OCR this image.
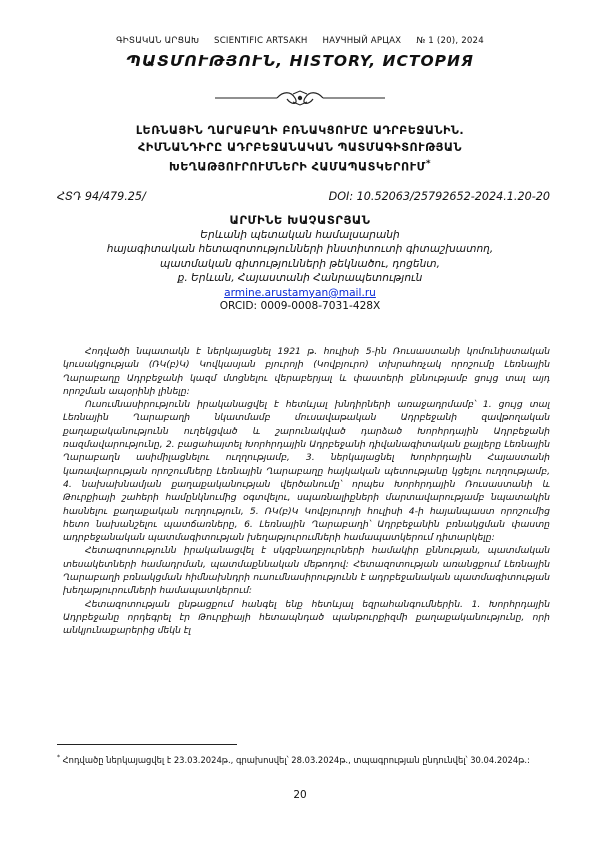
ԳԻՏԱԿԱՆ ԱՐՑԱԽ SCIENTIFIC ARTSAKH НАУЧНЫЙ АРЦАХ № 1 (20), 2024
ՊԱՏՄՈՒԹՅՈՒՆ, HISTORY, ИСТОРИЯ
ԼԵՌՆԱՅԻՆ ՂԱՐԱԲԱՂԻ ԲՌՆԱԿՑՈՒՄԸ ԱԴՐԲԵՋԱՆԻՆ.
ՀԻՄՆԱՆԴԻՐԸ ԱԴՐԲԵՋԱՆԱԿԱՆ ՊԱՏՄԱԳԻՏՈՒԹՅԱՆ
ԽԵՂԱԹՅՈՒՐՈՒՄՆԵՐԻ ՀԱՄԱՊԱՏԿԵՐՈՒՄ*
ՀՏԴ 94/479.25/	DOI: 10.52063/25792652-2024.1.20-20
ԱՐՄԻՆԵ ԽԱՉԱՏՐՅԱՆ
Երևանի պետական համալսարանի
հայագիտական հետազոտությունների ինստիտուտի գիտաշխատող,
պատմական գիտությունների թեկնածու, դոցենտ,
ք. Երևան, Հայաստանի Հանրապետություն
armine.arustamyan@mail.ru
ORCID: 0009-0008-7031-428X

Հոդվածի նպատակն է ներկայացնել 1921 թ. հուլիսի 5-ին Ռուսաստանի կոմունիստական կուսակցության (ՌԿ(բ)Կ) Կովկասյան բյուրոյի (Կովբյուրո) տխրահռչակ որոշումը Լեռնային Ղարաբաղը Ադրբեջանի կազմ մտցնելու վերաբերյալ և փաստերի քննությամբ ցույց տալ այդ որոշման ապօրինի լինելը:

Ուսումնասիրությունն իրականացվել է հետևյալ խնդիրների առաջադրմամբ՝ 1. ցույց տալ Լեռնային Ղարաբաղի նկատմամբ մուսավաթական Ադրբեջանի զավթողական քաղաքականությունն ուղեկցված և շարունակված դարձած Խորհրդային Ադրբեջանի ռազմավարությունը, 2. բացահայտել Խորհրդային Ադրբեջանի դիվանագիտական քայլերը Լեռնային Ղարաբաղն ասիմիլացնելու ուղղությամբ, 3. ներկայացնել Խորհրդային Հայաստանի կառավարության որոշումները Լեռնային Ղարաբաղը հայկական պետությանը կցելու ուղղությամբ, 4. նախախնամյան քաղաքականության վերծանումը՝ որպես Խորհրդային Ռուսաստանի և Թուրքիայի շահերի համընկնումից օգտվելու, սպառնալիքների մարտավարությամբ նպատակին հասնելու քաղաքական ուղղություն, 5. ՌԿ(բ)Կ Կովբյուրոյի հուլիսի 4-ի հայանպաստ որոշումից հետո նախանշելու պատճառները, 6. Լեռնային Ղարաբաղի՝ Ադրբեջանին բռնակցման փաստը ադրբեջանական պատմագիտության խեղաթյուրումների համապատկերում դիտարկելը:

Հետազոտությունն իրականացվել է սկզբնաղբյուրների համակիր քննության, պատմական տեսակետների համադրման, պատմաքննական մեթոդով: Հետազոտության առանցքում Լեռնային Ղարաբաղի բռնակցման հիմնախնդրի ուսումնասիրությունն է ադրբեջանական պատմագիտության խեղաթյուրումների համապատկերում:

Հետազոտության ընթացքում հանգել ենք հետևյալ եզրահանգումներին. 1. Խորհրդային Ադրբեջանը որդեգրել էր Թուրքիայի հետապնդած պանթուրքիզմի քաղաքականությունը, որի անկյունաքարերից մեկն էլ

* Հոդվածը ներկայացվել է 23.03.2024թ., գրախոսվել՝ 28.03.2024թ., տպագրության ընդունվել՝ 30.04.2024թ.:
20
